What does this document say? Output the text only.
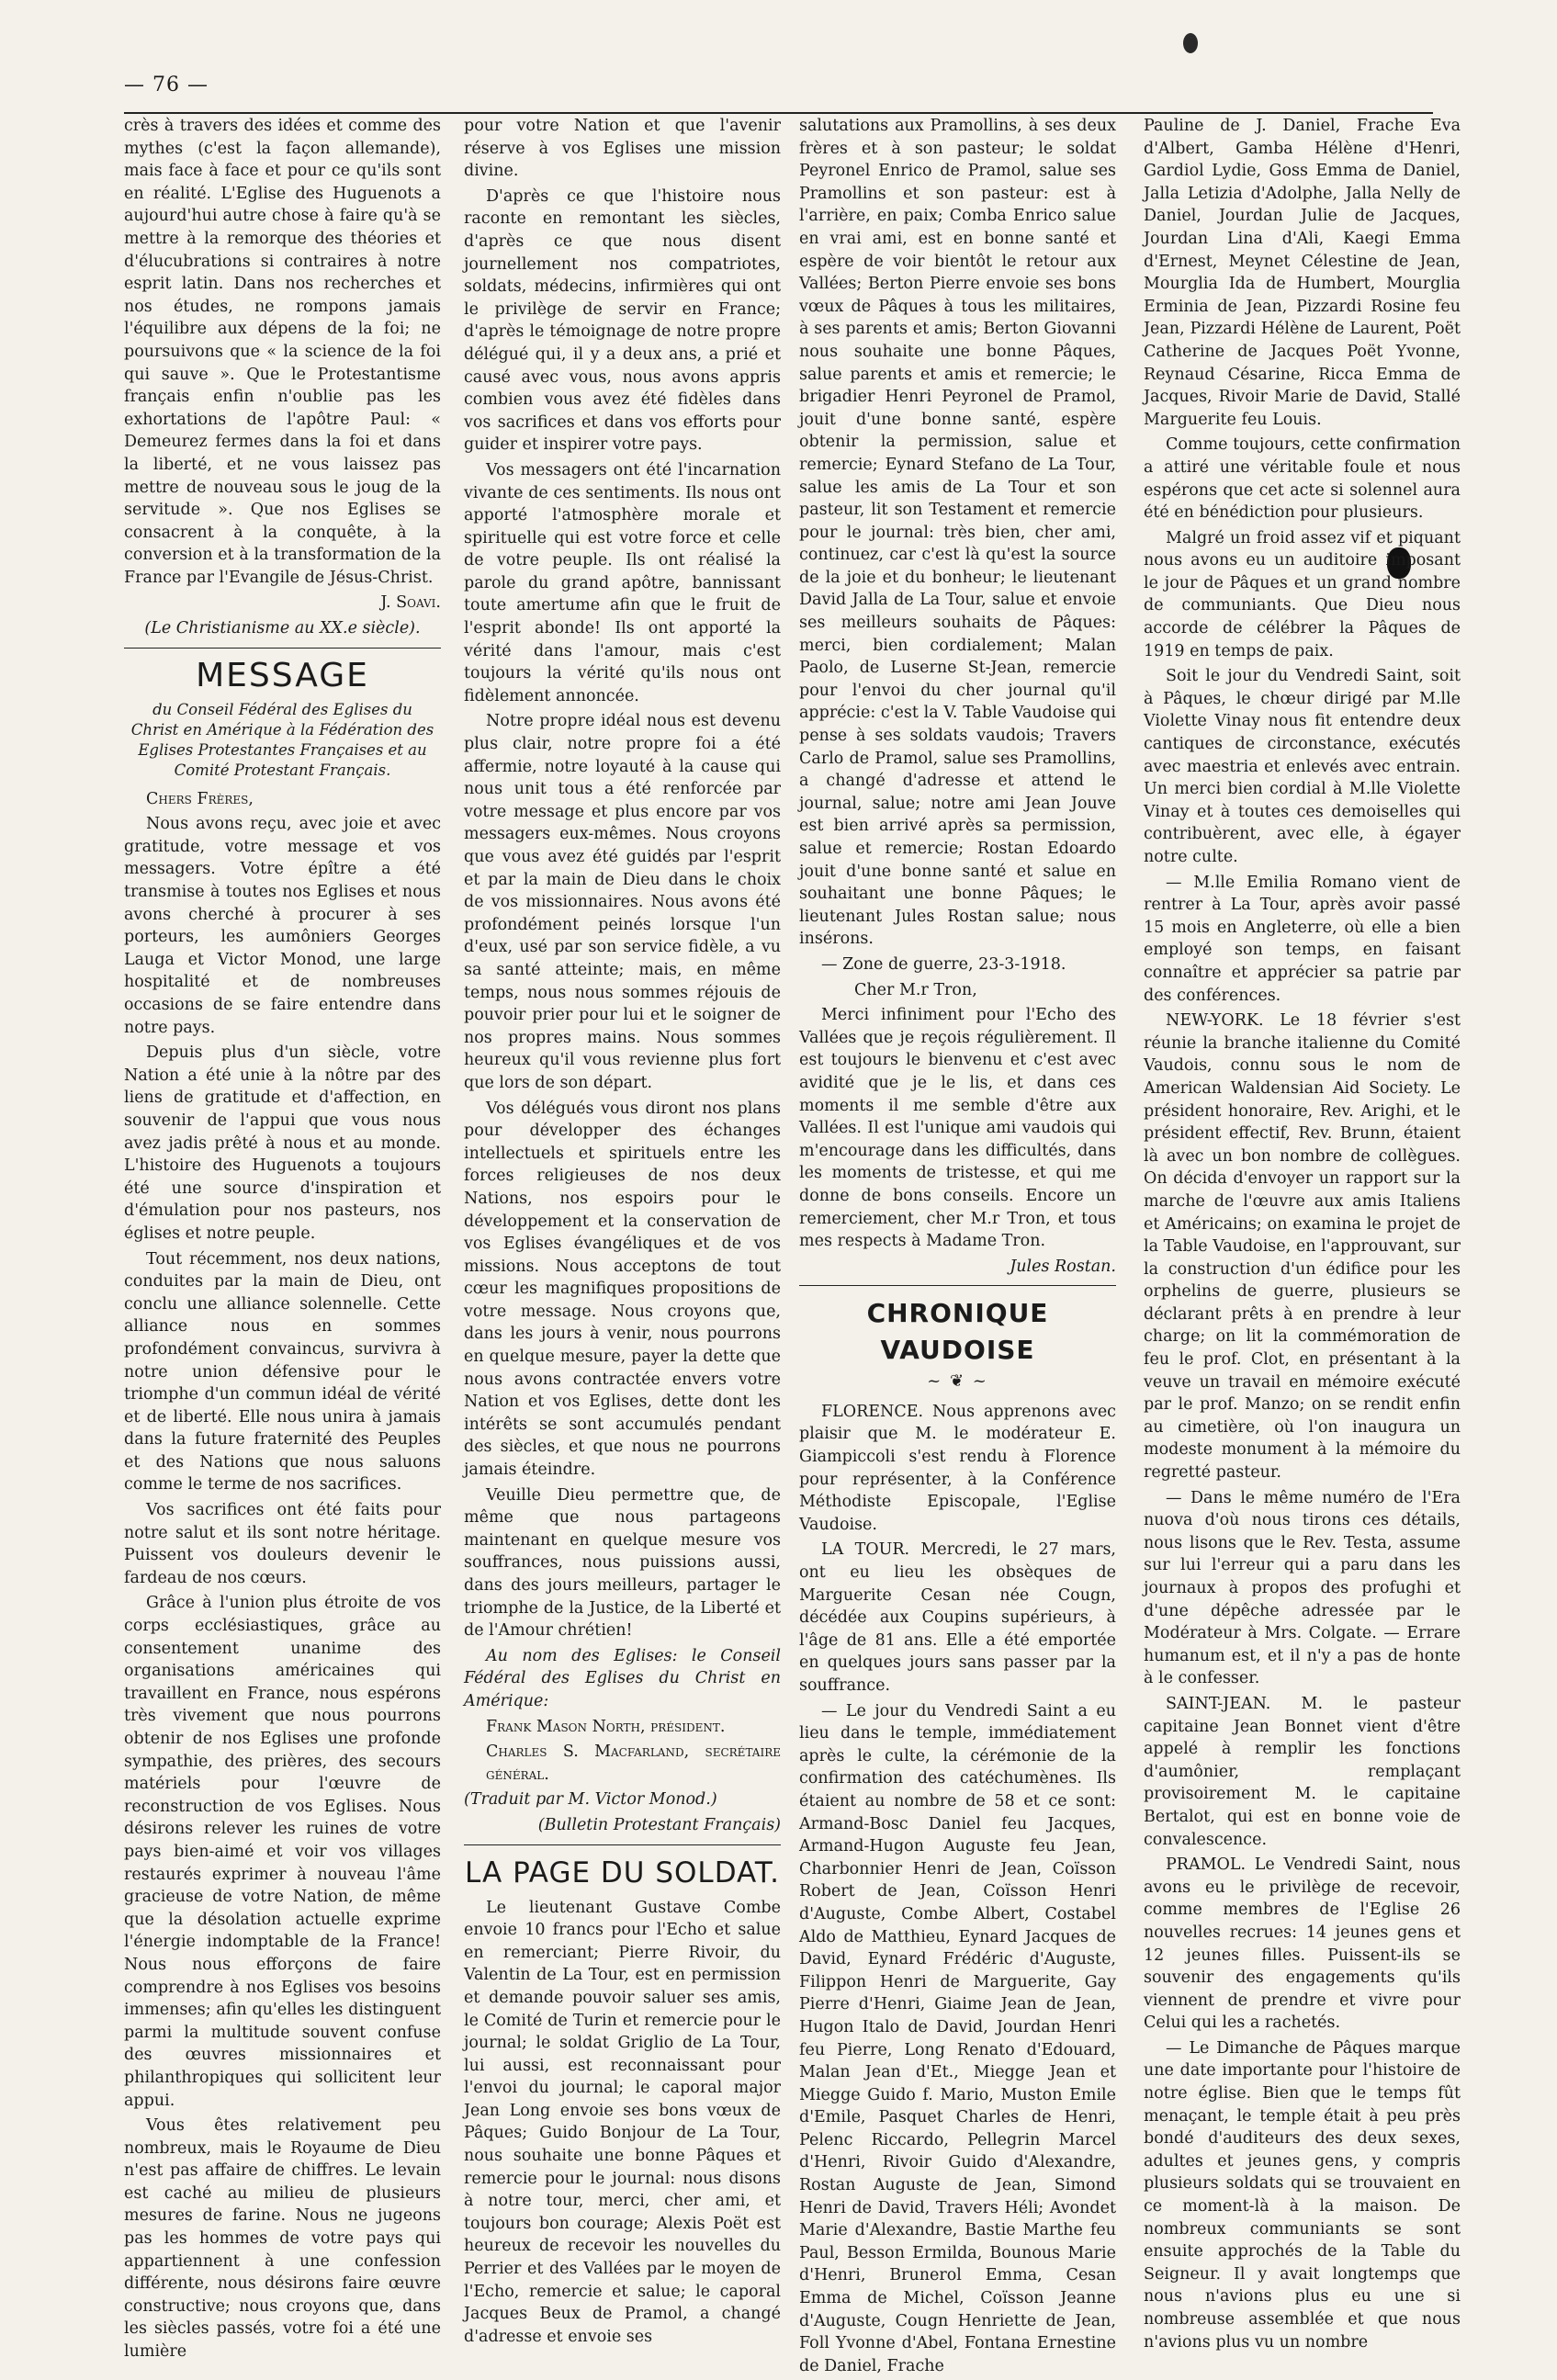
— 76 —

crès à travers des idées et comme des mythes (c'est la façon allemande), mais face à face et pour ce qu'ils sont en réalité. L'Eglise des Huguenots a aujourd'hui autre chose à faire qu'à se mettre à la remorque des théories et d'élucubrations si contraires à notre esprit latin. Dans nos recherches et nos études, ne rompons jamais l'équilibre aux dépens de la foi; ne poursuivons que « la science de la foi qui sauve ». Que le Protestantisme français enfin n'oublie pas les exhortations de l'apôtre Paul: « Demeurez fermes dans la foi et dans la liberté, et ne vous laissez pas mettre de nouveau sous le joug de la servitude ». Que nos Eglises se consacrent à la conquête, à la conversion et à la transformation de la France par l'Evangile de Jésus-Christ.

J. Soavi.

(Le Christianisme au XX.e siècle).

MESSAGE
du Conseil Fédéral des Eglises du Christ en Amérique à la Fédération des Eglises Protestantes Françaises et au Comité Protestant Français.

Chers Frères,

Nous avons reçu, avec joie et avec gratitude, votre message et vos messagers. Votre épître a été transmise à toutes nos Eglises et nous avons cherché à procurer à ses porteurs, les aumôniers Georges Lauga et Victor Monod, une large hospitalité et de nombreuses occasions de se faire entendre dans notre pays.

Depuis plus d'un siècle, votre Nation a été unie à la nôtre par des liens de gratitude et d'affection, en souvenir de l'appui que vous nous avez jadis prêté à nous et au monde. L'histoire des Huguenots a toujours été une source d'inspiration et d'émulation pour nos pasteurs, nos églises et notre peuple.

Tout récemment, nos deux nations, conduites par la main de Dieu, ont conclu une alliance solennelle. Cette alliance nous en sommes profondément convaincus, survivra à notre union défensive pour le triomphe d'un commun idéal de vérité et de liberté. Elle nous unira à jamais dans la future fraternité des Peuples et des Nations que nous saluons comme le terme de nos sacrifices.

Vos sacrifices ont été faits pour notre salut et ils sont notre héritage. Puissent vos douleurs devenir le fardeau de nos cœurs.

Grâce à l'union plus étroite de vos corps ecclésiastiques, grâce au consentement unanime des organisations américaines qui travaillent en France, nous espérons très vivement que nous pourrons obtenir de nos Eglises une profonde sympathie, des prières, des secours matériels pour l'œuvre de reconstruction de vos Eglises. Nous désirons relever les ruines de votre pays bien-aimé et voir vos villages restaurés exprimer à nouveau l'âme gracieuse de votre Nation, de même que la désolation actuelle exprime l'énergie indomptable de la France! Nous nous efforçons de faire comprendre à nos Eglises vos besoins immenses; afin qu'elles les distinguent parmi la multitude souvent confuse des œuvres missionnaires et philanthropiques qui sollicitent leur appui.

Vous êtes relativement peu nombreux, mais le Royaume de Dieu n'est pas affaire de chiffres. Le levain est caché au milieu de plusieurs mesures de farine. Nous ne jugeons pas les hommes de votre pays qui appartiennent à une confession différente, nous désirons faire œuvre constructive; nous croyons que, dans les siècles passés, votre foi a été une lumière

pour votre Nation et que l'avenir réserve à vos Eglises une mission divine.

D'après ce que l'histoire nous raconte en remontant les siècles, d'après ce que nous disent journellement nos compatriotes, soldats, médecins, infirmières qui ont le privilège de servir en France; d'après le témoignage de notre propre délégué qui, il y a deux ans, a prié et causé avec vous, nous avons appris combien vous avez été fidèles dans vos sacrifices et dans vos efforts pour guider et inspirer votre pays.

Vos messagers ont été l'incarnation vivante de ces sentiments. Ils nous ont apporté l'atmosphère morale et spirituelle qui est votre force et celle de votre peuple. Ils ont réalisé la parole du grand apôtre, bannissant toute amertume afin que le fruit de l'esprit abonde! Ils ont apporté la vérité dans l'amour, mais c'est toujours la vérité qu'ils nous ont fidèlement annoncée.

Notre propre idéal nous est devenu plus clair, notre propre foi a été affermie, notre loyauté à la cause qui nous unit tous a été renforcée par votre message et plus encore par vos messagers eux-mêmes. Nous croyons que vous avez été guidés par l'esprit et par la main de Dieu dans le choix de vos missionnaires. Nous avons été profondément peinés lorsque l'un d'eux, usé par son service fidèle, a vu sa santé atteinte; mais, en même temps, nous nous sommes réjouis de pouvoir prier pour lui et le soigner de nos propres mains. Nous sommes heureux qu'il vous revienne plus fort que lors de son départ.

Vos délégués vous diront nos plans pour développer des échanges intellectuels et spirituels entre les forces religieuses de nos deux Nations, nos espoirs pour le développement et la conservation de vos Eglises évangéliques et de vos missions. Nous acceptons de tout cœur les magnifiques propositions de votre message. Nous croyons que, dans les jours à venir, nous pourrons en quelque mesure, payer la dette que nous avons contractée envers votre Nation et vos Eglises, dette dont les intérêts se sont accumulés pendant des siècles, et que nous ne pourrons jamais éteindre.

Veuille Dieu permettre que, de même que nous partageons maintenant en quelque mesure vos souffrances, nous puissions aussi, dans des jours meilleurs, partager le triomphe de la Justice, de la Liberté et de l'Amour chrétien!

Au nom des Eglises: le Conseil Fédéral des Eglises du Christ en Amérique:

Frank Mason North, président.

Charles S. Macfarland, secrétaire général.

(Traduit par M. Victor Monod.)

(Bulletin Protestant Français)

LA PAGE DU SOLDAT.

Le lieutenant Gustave Combe envoie 10 francs pour l'Echo et salue en remerciant; Pierre Rivoir, du Valentin de La Tour, est en permission et demande pouvoir saluer ses amis, le Comité de Turin et remercie pour le journal; le soldat Griglio de La Tour, lui aussi, est reconnaissant pour l'envoi du journal; le caporal major Jean Long envoie ses bons vœux de Pâques; Guido Bonjour de La Tour, nous souhaite une bonne Pâques et remercie pour le journal: nous disons à notre tour, merci, cher ami, et toujours bon courage; Alexis Poët est heureux de recevoir les nouvelles du Perrier et des Vallées par le moyen de l'Echo, remercie et salue; le caporal Jacques Beux de Pramol, a changé d'adresse et envoie ses

salutations aux Pramollins, à ses deux frères et à son pasteur; le soldat Peyronel Enrico de Pramol, salue ses Pramollins et son pasteur: est à l'arrière, en paix; Comba Enrico salue en vrai ami, est en bonne santé et espère de voir bientôt le retour aux Vallées; Berton Pierre envoie ses bons vœux de Pâques à tous les militaires, à ses parents et amis; Berton Giovanni nous souhaite une bonne Pâques, salue parents et amis et remercie; le brigadier Henri Peyronel de Pramol, jouit d'une bonne santé, espère obtenir la permission, salue et remercie; Eynard Stefano de La Tour, salue les amis de La Tour et son pasteur, lit son Testament et remercie pour le journal: très bien, cher ami, continuez, car c'est là qu'est la source de la joie et du bonheur; le lieutenant David Jalla de La Tour, salue et envoie ses meilleurs souhaits de Pâques: merci, bien cordialement; Malan Paolo, de Luserne St-Jean, remercie pour l'envoi du cher journal qu'il apprécie: c'est la V. Table Vaudoise qui pense à ses soldats vaudois; Travers Carlo de Pramol, salue ses Pramollins, a changé d'adresse et attend le journal, salue; notre ami Jean Jouve est bien arrivé après sa permission, salue et remercie; Rostan Edoardo jouit d'une bonne santé et salue en souhaitant une bonne Pâques; le lieutenant Jules Rostan salue; nous insérons.

— Zone de guerre, 23-3-1918.

Cher M.r Tron,

Merci infiniment pour l'Echo des Vallées que je reçois régulièrement. Il est toujours le bienvenu et c'est avec avidité que je le lis, et dans ces moments il me semble d'être aux Vallées. Il est l'unique ami vaudois qui m'encourage dans les difficultés, dans les moments de tristesse, et qui me donne de bons conseils. Encore un remerciement, cher M.r Tron, et tous mes respects à Madame Tron.

Jules Rostan.

CHRONIQUE VAUDOISE
~ ❦ ~

FLORENCE. Nous apprenons avec plaisir que M. le modérateur E. Giampiccoli s'est rendu à Florence pour représenter, à la Conférence Méthodiste Episcopale, l'Eglise Vaudoise.

LA TOUR. Mercredi, le 27 mars, ont eu lieu les obsèques de Marguerite Cesan née Cougn, décédée aux Coupins supérieurs, à l'âge de 81 ans. Elle a été emportée en quelques jours sans passer par la souffrance.

— Le jour du Vendredi Saint a eu lieu dans le temple, immédiatement après le culte, la cérémonie de la confirmation des catéchumènes. Ils étaient au nombre de 58 et ce sont: Armand-Bosc Daniel feu Jacques, Armand-Hugon Auguste feu Jean, Charbonnier Henri de Jean, Coïsson Robert de Jean, Coïsson Henri d'Auguste, Combe Albert, Costabel Aldo de Matthieu, Eynard Jacques de David, Eynard Frédéric d'Auguste, Filippon Henri de Marguerite, Gay Pierre d'Henri, Giaime Jean de Jean, Hugon Italo de David, Jourdan Henri feu Pierre, Long Renato d'Edouard, Malan Jean d'Et., Miegge Jean et Miegge Guido f. Mario, Muston Emile d'Emile, Pasquet Charles de Henri, Pelenc Riccardo, Pellegrin Marcel d'Henri, Rivoir Guido d'Alexandre, Rostan Auguste de Jean, Simond Henri de David, Travers Héli; Avondet Marie d'Alexandre, Bastie Marthe feu Paul, Besson Ermilda, Bounous Marie d'Henri, Brunerol Emma, Cesan Emma de Michel, Coïsson Jeanne d'Auguste, Cougn Henriette de Jean, Foll Yvonne d'Abel, Fontana Ernestine de Daniel, Frache

Pauline de J. Daniel, Frache Eva d'Albert, Gamba Hélène d'Henri, Gardiol Lydie, Goss Emma de Daniel, Jalla Letizia d'Adolphe, Jalla Nelly de Daniel, Jourdan Julie de Jacques, Jourdan Lina d'Ali, Kaegi Emma d'Ernest, Meynet Célestine de Jean, Mourglia Ida de Humbert, Mourglia Erminia de Jean, Pizzardi Rosine feu Jean, Pizzardi Hélène de Laurent, Poët Catherine de Jacques Poët Yvonne, Reynaud Césarine, Ricca Emma de Jacques, Rivoir Marie de David, Stallé Marguerite feu Louis.

Comme toujours, cette confirmation a attiré une véritable foule et nous espérons que cet acte si solennel aura été en bénédiction pour plusieurs.

Malgré un froid assez vif et piquant nous avons eu un auditoire imposant le jour de Pâques et un grand nombre de communiants. Que Dieu nous accorde de célébrer la Pâques de 1919 en temps de paix.

Soit le jour du Vendredi Saint, soit à Pâques, le chœur dirigé par M.lle Violette Vinay nous fit entendre deux cantiques de circonstance, exécutés avec maestria et enlevés avec entrain. Un merci bien cordial à M.lle Violette Vinay et à toutes ces demoiselles qui contribuèrent, avec elle, à égayer notre culte.

— M.lle Emilia Romano vient de rentrer à La Tour, après avoir passé 15 mois en Angleterre, où elle a bien employé son temps, en faisant connaître et apprécier sa patrie par des conférences.

NEW-YORK. Le 18 février s'est réunie la branche italienne du Comité Vaudois, connu sous le nom de American Waldensian Aid Society. Le président honoraire, Rev. Arighi, et le président effectif, Rev. Brunn, étaient là avec un bon nombre de collègues. On décida d'envoyer un rapport sur la marche de l'œuvre aux amis Italiens et Américains; on examina le projet de la Table Vaudoise, en l'approuvant, sur la construction d'un édifice pour les orphelins de guerre, plusieurs se déclarant prêts à en prendre à leur charge; on lit la commémoration de feu le prof. Clot, en présentant à la veuve un travail en mémoire exécuté par le prof. Manzo; on se rendit enfin au cimetière, où l'on inaugura un modeste monument à la mémoire du regretté pasteur.

— Dans le même numéro de l'Era nuova d'où nous tirons ces détails, nous lisons que le Rev. Testa, assume sur lui l'erreur qui a paru dans les journaux à propos des profughi et d'une dépêche adressée par le Modérateur à Mrs. Colgate. — Errare humanum est, et il n'y a pas de honte à le confesser.

SAINT-JEAN. M. le pasteur capitaine Jean Bonnet vient d'être appelé à remplir les fonctions d'aumônier, remplaçant provisoirement M. le capitaine Bertalot, qui est en bonne voie de convalescence.

PRAMOL. Le Vendredi Saint, nous avons eu le privilège de recevoir, comme membres de l'Eglise 26 nouvelles recrues: 14 jeunes gens et 12 jeunes filles. Puissent-ils se souvenir des engagements qu'ils viennent de prendre et vivre pour Celui qui les a rachetés.

— Le Dimanche de Pâques marque une date importante pour l'histoire de notre église. Bien que le temps fût menaçant, le temple était à peu près bondé d'auditeurs des deux sexes, adultes et jeunes gens, y compris plusieurs soldats qui se trouvaient en ce moment-là à la maison. De nombreux communiants se sont ensuite approchés de la Table du Seigneur. Il y avait longtemps que nous n'avions plus eu une si nombreuse assemblée et que nous n'avions plus vu un nombre
